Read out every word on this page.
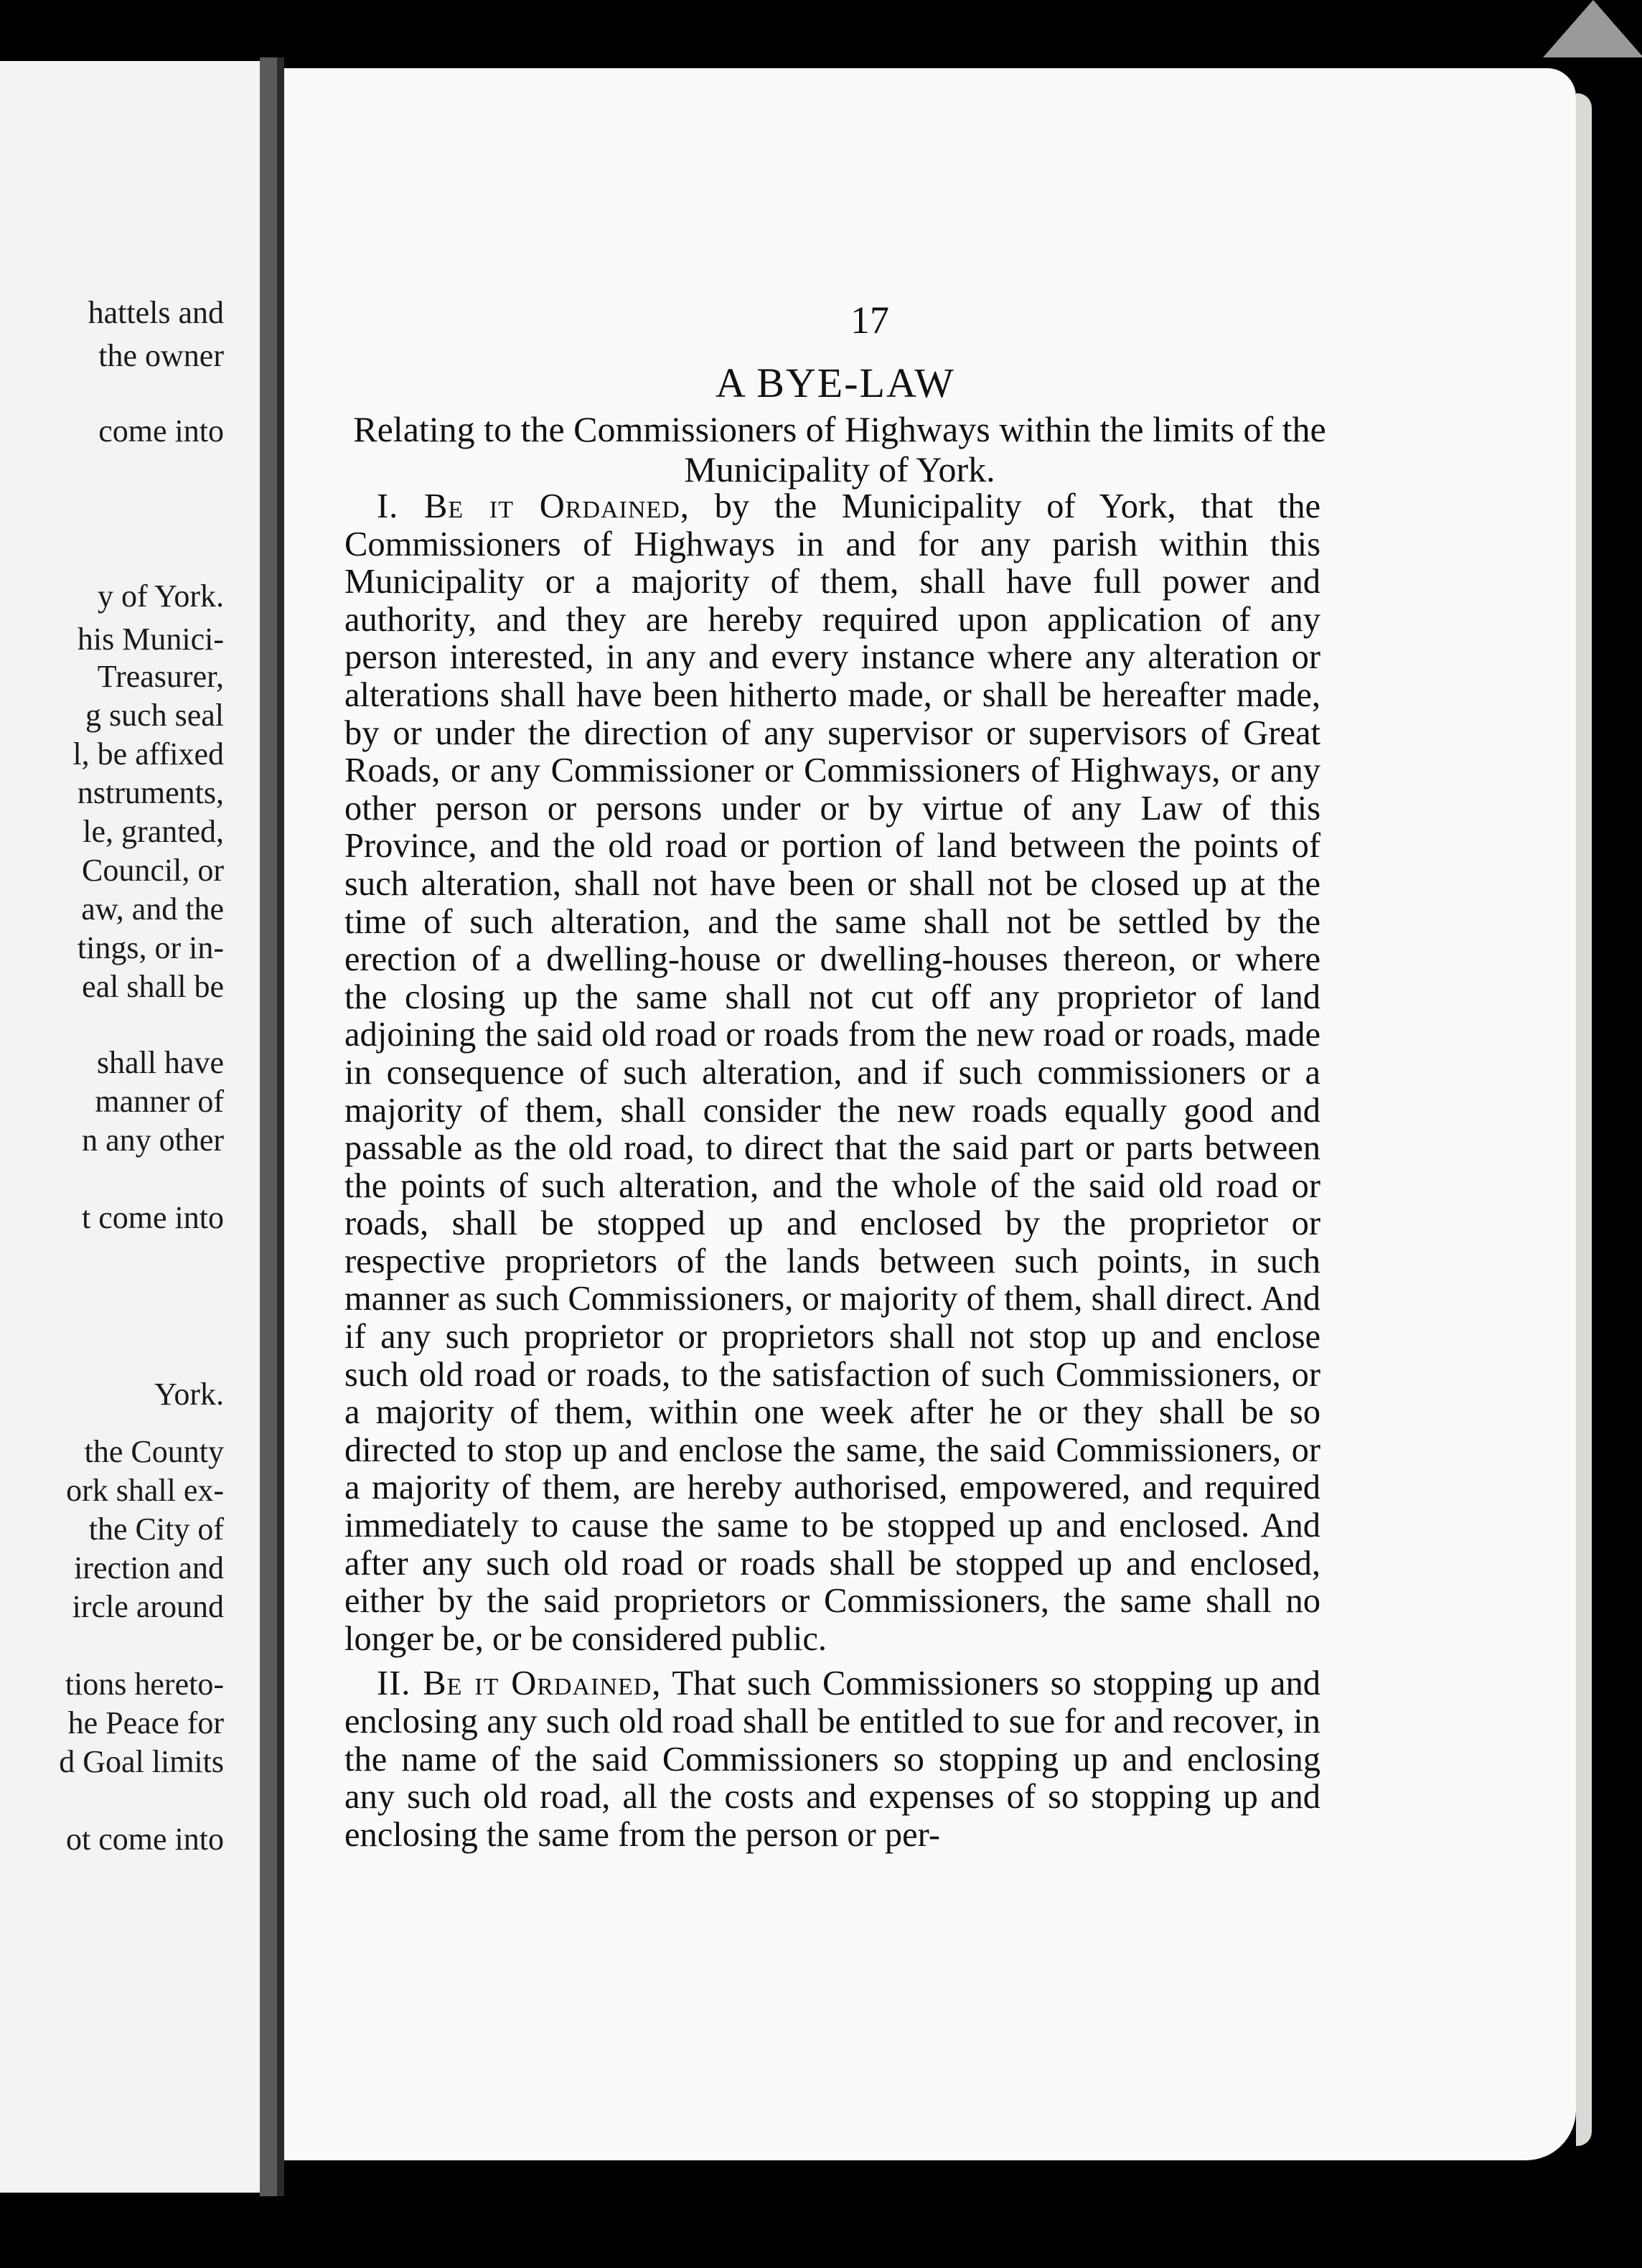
hattels and
the owner
come into
y of York.
his Munici-
Treasurer,
g such seal
l, be affixed
nstruments,
le, granted,
Council, or
aw, and the
tings, or in-
eal shall be
shall have
manner of
n any other
t come into
York.
the County
ork shall ex-
the City of
irection and
ircle around
tions hereto-
he Peace for
d Goal limits
ot come into
17
A BYE-LAW
Relating to the Commissioners of Highways within the limits of the Municipality of York.

I. Be it Ordained, by the Municipality of York, that the Commissioners of Highways in and for any parish within this Municipality or a majority of them, shall have full power and authority, and they are hereby required upon application of any person interested, in any and every instance where any alteration or alterations shall have been hitherto made, or shall be hereafter made, by or under the direction of any supervisor or supervisors of Great Roads, or any Commissioner or Commissioners of Highways, or any other person or persons under or by virtue of any Law of this Province, and the old road or portion of land between the points of such alteration, shall not have been or shall not be closed up at the time of such alteration, and the same shall not be settled by the erection of a dwelling-house or dwelling-houses thereon, or where the closing up the same shall not cut off any proprietor of land adjoining the said old road or roads from the new road or roads, made in consequence of such alteration, and if such commissioners or a majority of them, shall consider the new roads equally good and passable as the old road, to direct that the said part or parts between the points of such alteration, and the whole of the said old road or roads, shall be stopped up and enclosed by the proprietor or respective proprietors of the lands between such points, in such manner as such Commissioners, or majority of them, shall direct. And if any such proprietor or proprietors shall not stop up and enclose such old road or roads, to the satisfaction of such Commissioners, or a majority of them, within one week after he or they shall be so directed to stop up and enclose the same, the said Commissioners, or a majority of them, are hereby authorised, empowered, and required immediately to cause the same to be stopped up and enclosed. And after any such old road or roads shall be stopped up and enclosed, either by the said proprietors or Commissioners, the same shall no longer be, or be considered public.

II. Be it Ordained, That such Commissioners so stopping up and enclosing any such old road shall be entitled to sue for and recover, in the name of the said Commissioners so stopping up and enclosing any such old road, all the costs and expenses of so stopping up and enclosing the same from the person or per-
